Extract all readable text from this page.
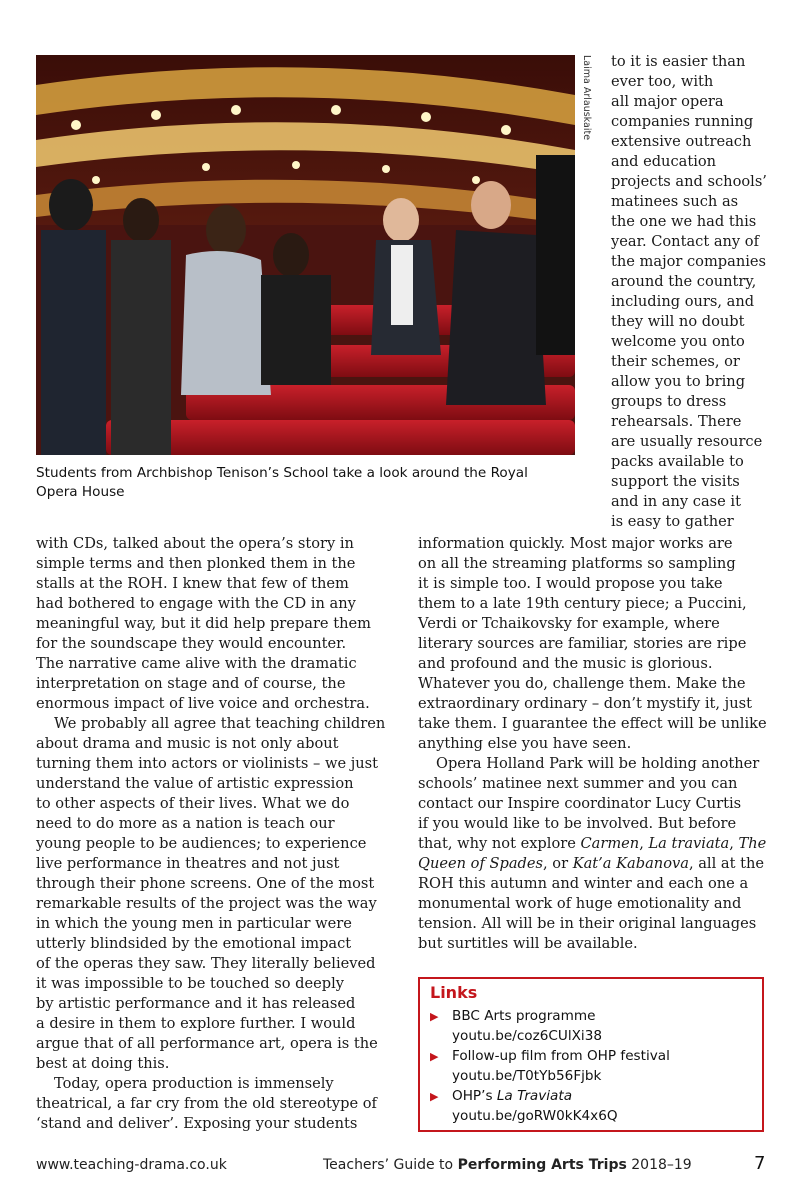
Laima Arlauskaite
Students from Archbishop Tenison’s School take a look around the Royal Opera House
to it is easier than
ever too, with
all major opera
companies running
extensive outreach
and education
projects and schools’
matinees such as
the one we had this
year. Contact any of
the major companies
around the country,
including ours, and
they will no doubt
welcome you onto
their schemes, or
allow you to bring
groups to dress
rehearsals. There
are usually resource
packs available to
support the visits
and in any case it
is easy to gather
with CDs, talked about the opera’s story in
simple terms and then plonked them in the
stalls at the ROH. I knew that few of them
had bothered to engage with the CD in any
meaningful way, but it did help prepare them
for the soundscape they would encounter.
The narrative came alive with the dramatic
interpretation on stage and of course, the
enormous impact of live voice and orchestra.
We probably all agree that teaching children
about drama and music is not only about
turning them into actors or violinists – we just
understand the value of artistic expression
to other aspects of their lives. What we do
need to do more as a nation is teach our
young people to be audiences; to experience
live performance in theatres and not just
through their phone screens. One of the most
remarkable results of the project was the way
in which the young men in particular were
utterly blindsided by the emotional impact
of the operas they saw. They literally believed
it was impossible to be touched so deeply
by artistic performance and it has released
a desire in them to explore further. I would
argue that of all performance art, opera is the
best at doing this.
Today, opera production is immensely
theatrical, a far cry from the old stereotype of
‘stand and deliver’. Exposing your students
information quickly. Most major works are
on all the streaming platforms so sampling
it is simple too. I would propose you take
them to a late 19th century piece; a Puccini,
Verdi or Tchaikovsky for example, where
literary sources are familiar, stories are ripe
and profound and the music is glorious.
Whatever you do, challenge them. Make the
extraordinary ordinary – don’t mystify it, just
take them. I guarantee the effect will be unlike
anything else you have seen.
Opera Holland Park will be holding another
schools’ matinee next summer and you can
contact our Inspire coordinator Lucy Curtis
if you would like to be involved. But before
that, why not explore Carmen, La traviata, The
Queen of Spades, or Kat’a Kabanova, all at the
ROH this autumn and winter and each one a
monumental work of huge emotionality and
tension. All will be in their original languages
but surtitles will be available.
Links
▶ BBC Arts programme
youtu.be/coz6CUlXi38
▶ Follow-up film from OHP festival
youtu.be/T0tYb56Fjbk
▶ OHP’s La Traviata
youtu.be/goRW0kK4x6Q
www.teaching-drama.co.uk	Teachers’ Guide to Performing Arts Trips 2018–19	7
